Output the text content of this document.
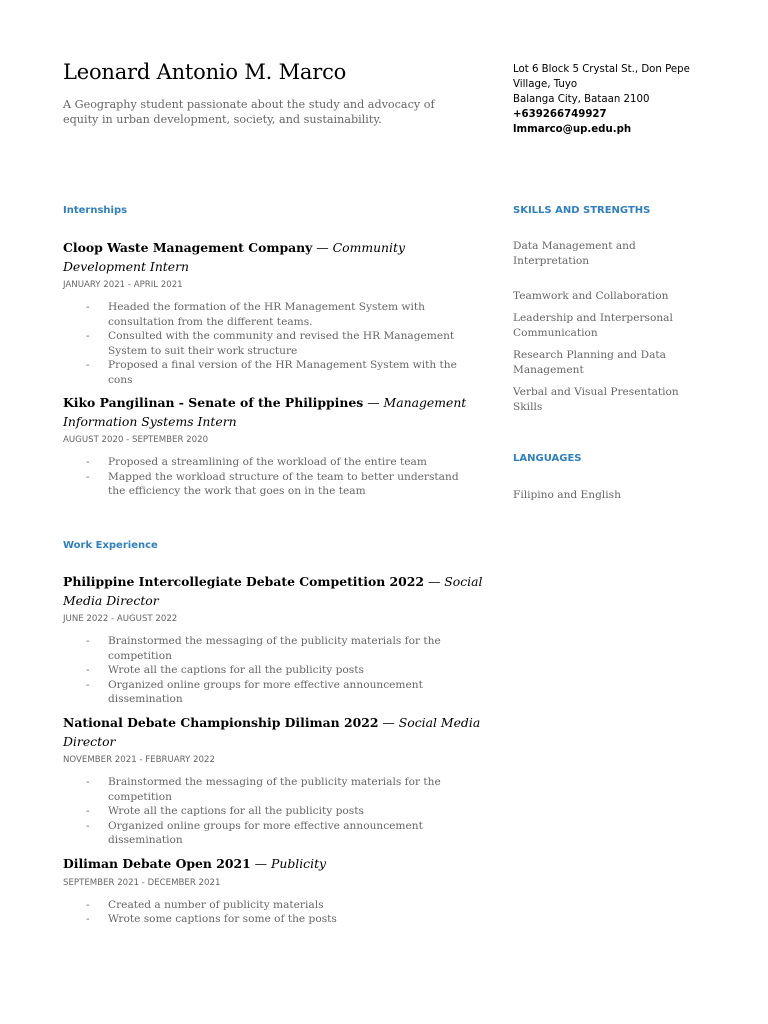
Leonard Antonio M. Marco
A Geography student passionate about the study and advocacy of equity in urban development, society, and sustainability.
Lot 6 Block 5 Crystal St., Don Pepe
Village, Tuyo
Balanga City, Bataan 2100
+639266749927
lmmarco@up.edu.ph
Internships
Cloop Waste Management Company — Community Development Intern
JANUARY 2021 - APRIL 2021
- Headed the formation of the HR Management System with consultation from the different teams.
- Consulted with the community and revised the HR Management System to suit their work structure
- Proposed a final version of the HR Management System with the cons
Kiko Pangilinan - Senate of the Philippines — Management Information Systems Intern
AUGUST 2020 - SEPTEMBER 2020
- Proposed a streamlining of the workload of the entire team
- Mapped the workload structure of the team to better understand the efficiency the work that goes on in the team
Work Experience
Philippine Intercollegiate Debate Competition 2022 — Social Media Director
JUNE 2022 - AUGUST 2022
- Brainstormed the messaging of the publicity materials for the competition
- Wrote all the captions for all the publicity posts
- Organized online groups for more effective announcement dissemination
National Debate Championship Diliman 2022 — Social Media Director
NOVEMBER 2021 - FEBRUARY 2022
- Brainstormed the messaging of the publicity materials for the competition
- Wrote all the captions for all the publicity posts
- Organized online groups for more effective announcement dissemination
Diliman Debate Open 2021 — Publicity
SEPTEMBER 2021 - DECEMBER 2021
- Created a number of publicity materials
- Wrote some captions for some of the posts
SKILLS AND STRENGTHS
Data Management and Interpretation
Teamwork and Collaboration
Leadership and Interpersonal Communication
Research Planning and Data Management
Verbal and Visual Presentation Skills
LANGUAGES
Filipino and English
